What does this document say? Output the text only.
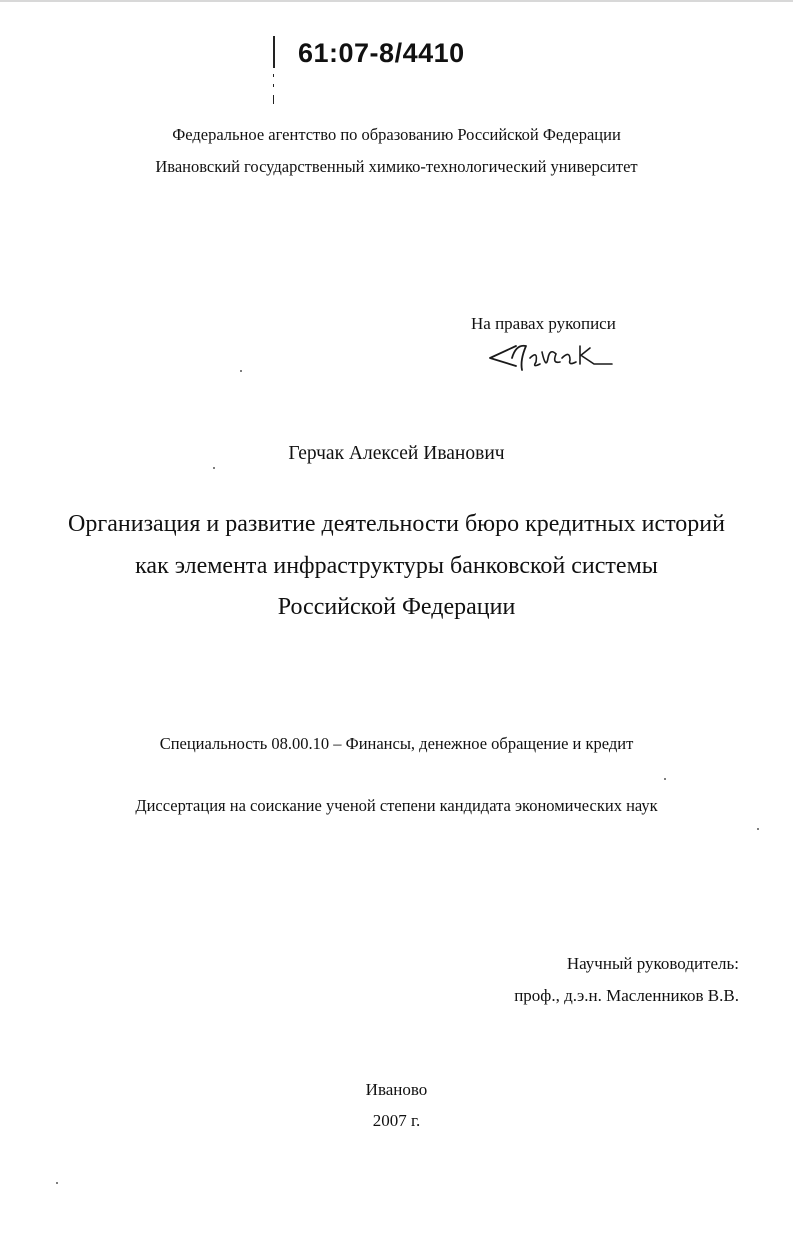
61:07-8/4410
Федеральное агентство по образованию Российской Федерации
Ивановский государственный химико-технологический университет
На правах рукописи
Герчак Алексей Иванович
Организация и развитие деятельности бюро кредитных историй
как элемента инфраструктуры банковской системы
Российской Федерации
Специальность 08.00.10 – Финансы, денежное обращение и кредит
Диссертация на соискание ученой степени кандидата экономических наук
Научный руководитель:
проф., д.э.н. Масленников В.В.
Иваново
2007 г.
